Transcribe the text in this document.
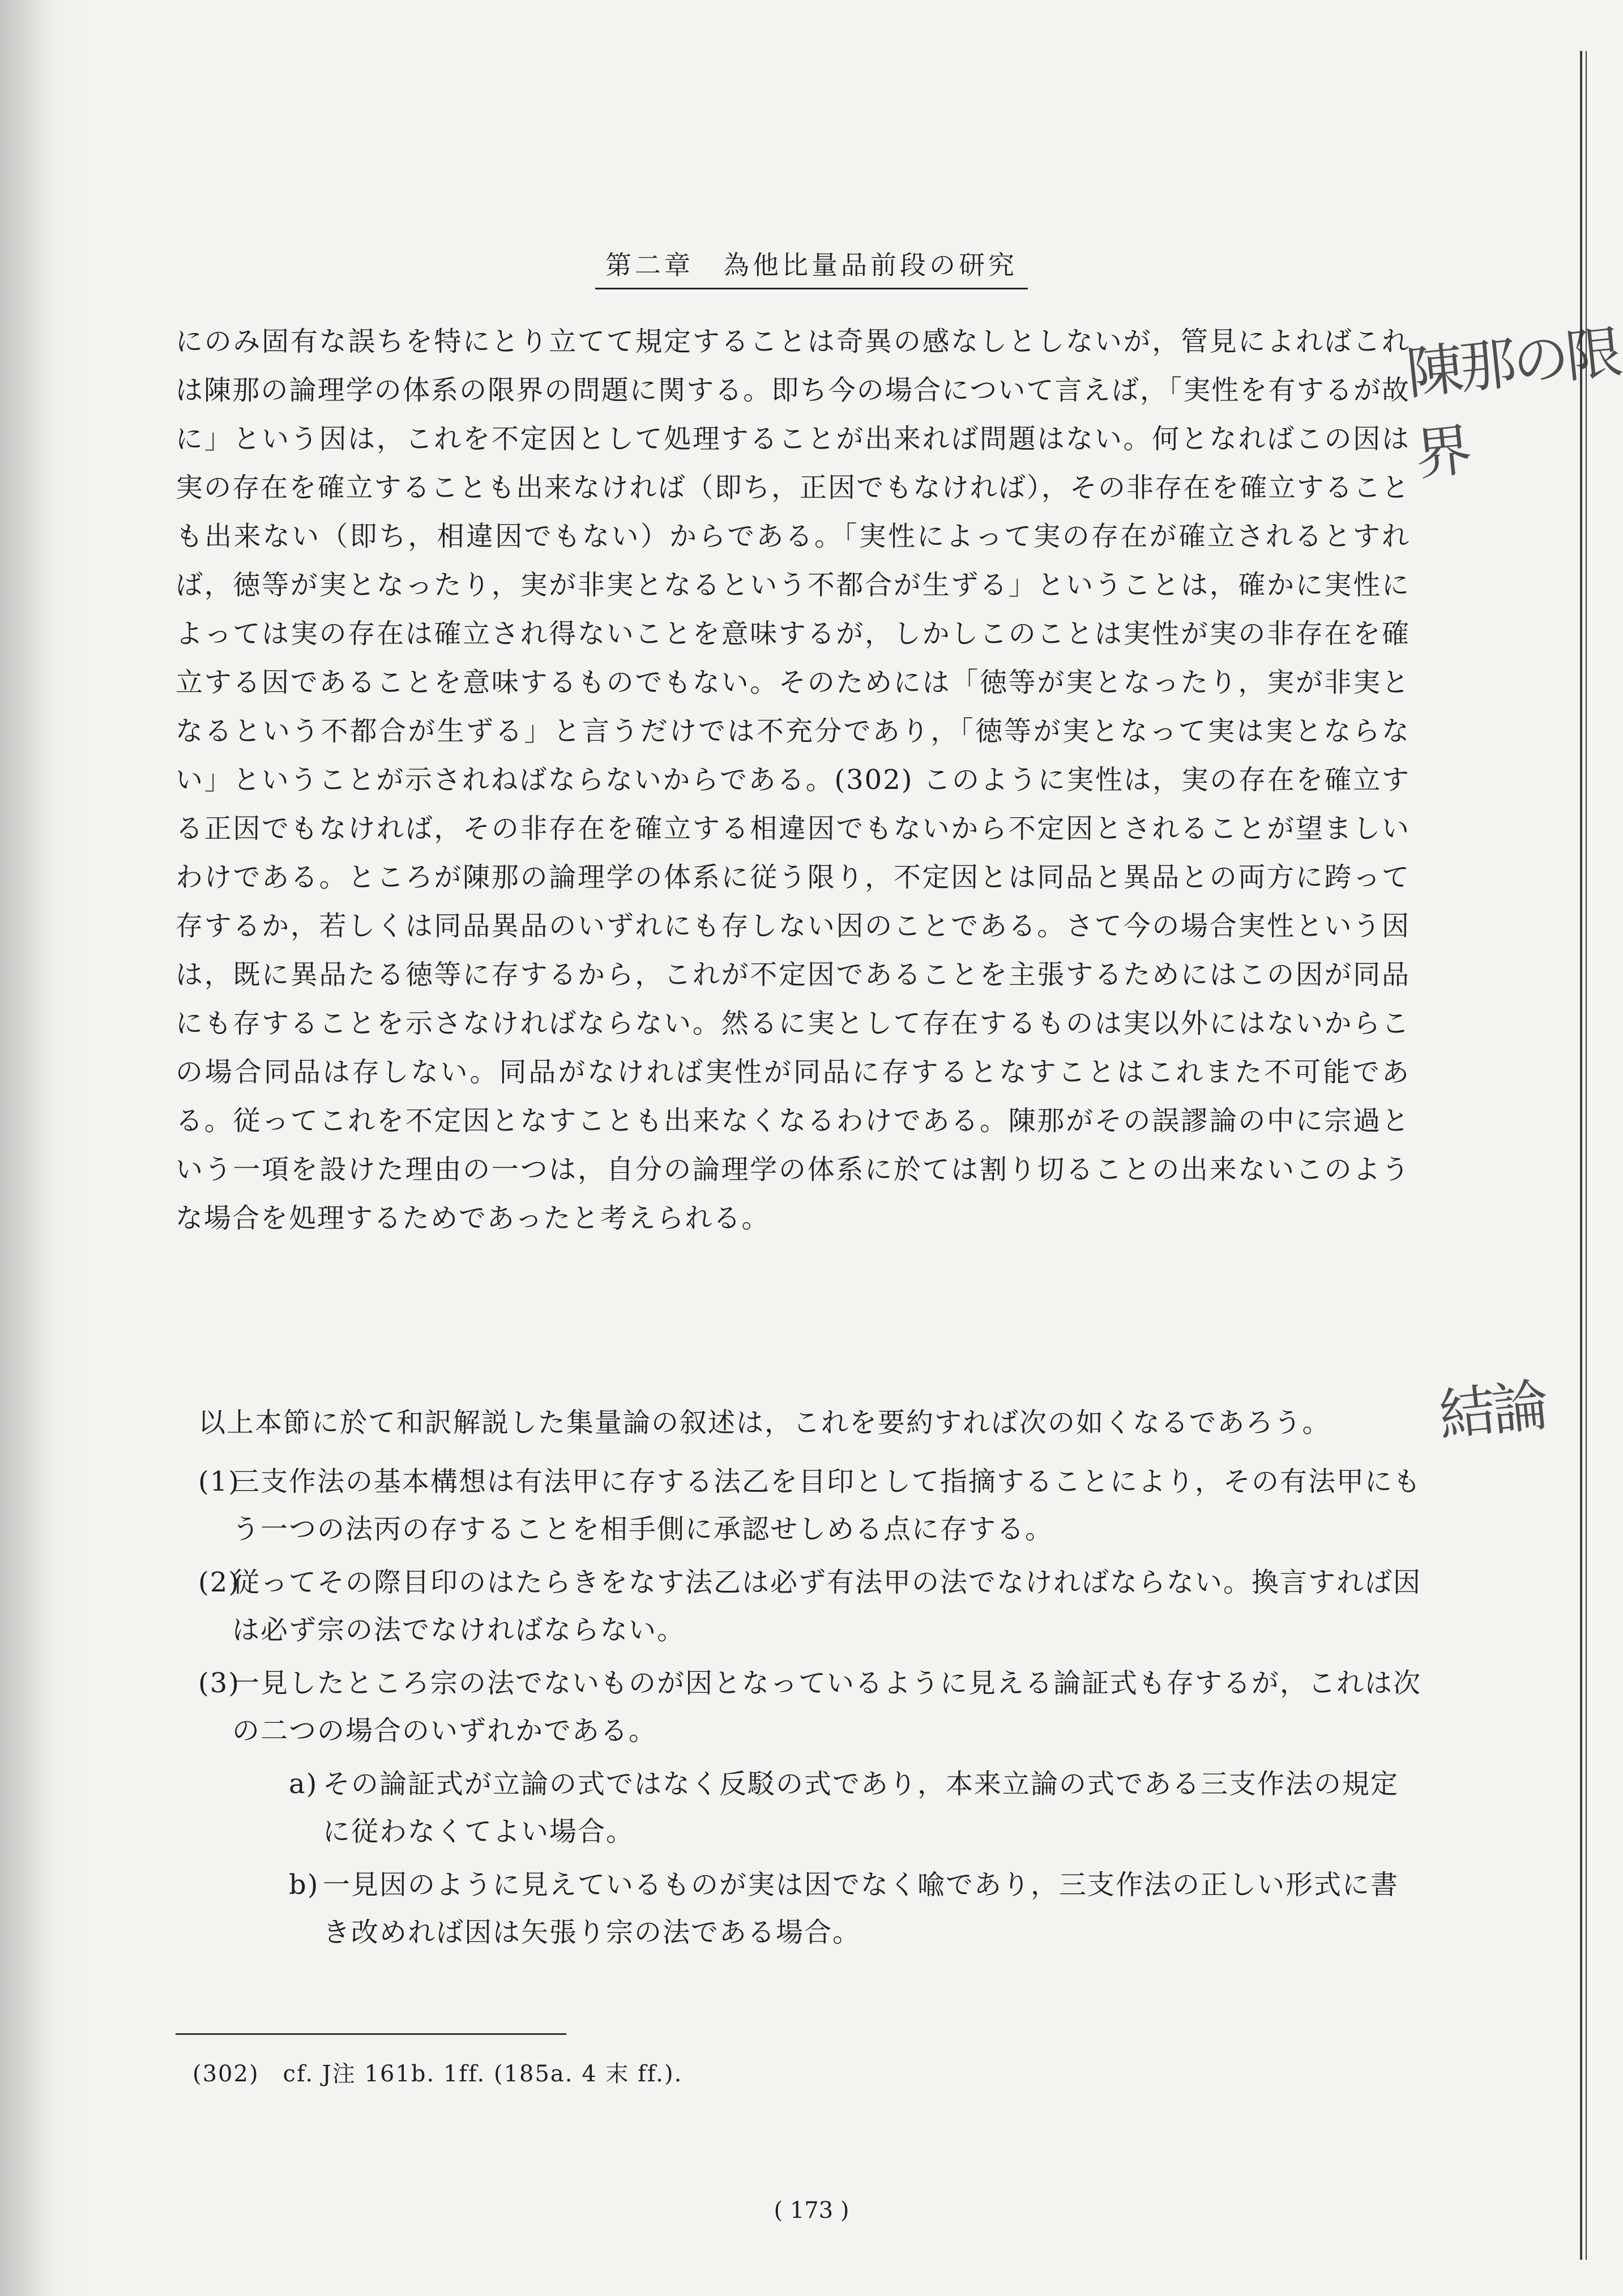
第二章　為他比量品前段の研究
にのみ固有な誤ちを特にとり立てて規定することは奇異の感なしとしないが，管見によればこれは陳那の論理学の体系の限界の問題に関する。即ち今の場合について言えば，「実性を有するが故に」という因は，これを不定因として処理することが出来れば問題はない。何となればこの因は実の存在を確立することも出来なければ（即ち，正因でもなければ），その非存在を確立することも出来ない（即ち，相違因でもない）からである。「実性によって実の存在が確立されるとすれば，徳等が実となったり，実が非実となるという不都合が生ずる」ということは，確かに実性によっては実の存在は確立され得ないことを意味するが，しかしこのことは実性が実の非存在を確立する因であることを意味するものでもない。そのためには「徳等が実となったり，実が非実となるという不都合が生ずる」と言うだけでは不充分であり，「徳等が実となって実は実とならない」ということが示されねばならないからである。(302) このように実性は，実の存在を確立する正因でもなければ，その非存在を確立する相違因でもないから不定因とされることが望ましいわけである。ところが陳那の論理学の体系に従う限り，不定因とは同品と異品との両方に跨って存するか，若しくは同品異品のいずれにも存しない因のことである。さて今の場合実性という因は，既に異品たる徳等に存するから，これが不定因であることを主張するためにはこの因が同品にも存することを示さなければならない。然るに実として存在するものは実以外にはないからこの場合同品は存しない。同品がなければ実性が同品に存するとなすことはこれまた不可能である。従ってこれを不定因となすことも出来なくなるわけである。陳那がその誤謬論の中に宗過という一項を設けた理由の一つは，自分の論理学の体系に於ては割り切ることの出来ないこのような場合を処理するためであったと考えられる。
陳那の限界
結論

以上本節に於て和訳解説した集量論の叙述は，これを要約すれば次の如くなるであろう。

(1)
三支作法の基本構想は有法甲に存する法乙を目印として指摘することにより，その有法甲にもう一つの法丙の存することを相手側に承認せしめる点に存する。
(2)
従ってその際目印のはたらきをなす法乙は必ず有法甲の法でなければならない。換言すれば因は必ず宗の法でなければならない。
(3)
一見したところ宗の法でないものが因となっているように見える論証式も存するが，これは次の二つの場合のいずれかである。
a) その論証式が立論の式ではなく反駁の式であり，本来立論の式である三支作法の規定に従わなくてよい場合。
b) 一見因のように見えているものが実は因でなく喩であり，三支作法の正しい形式に書き改めれば因は矢張り宗の法である場合。
(302)　cf. J注 161b. 1ff. (185a. 4 末 ff.).
( 173 )
